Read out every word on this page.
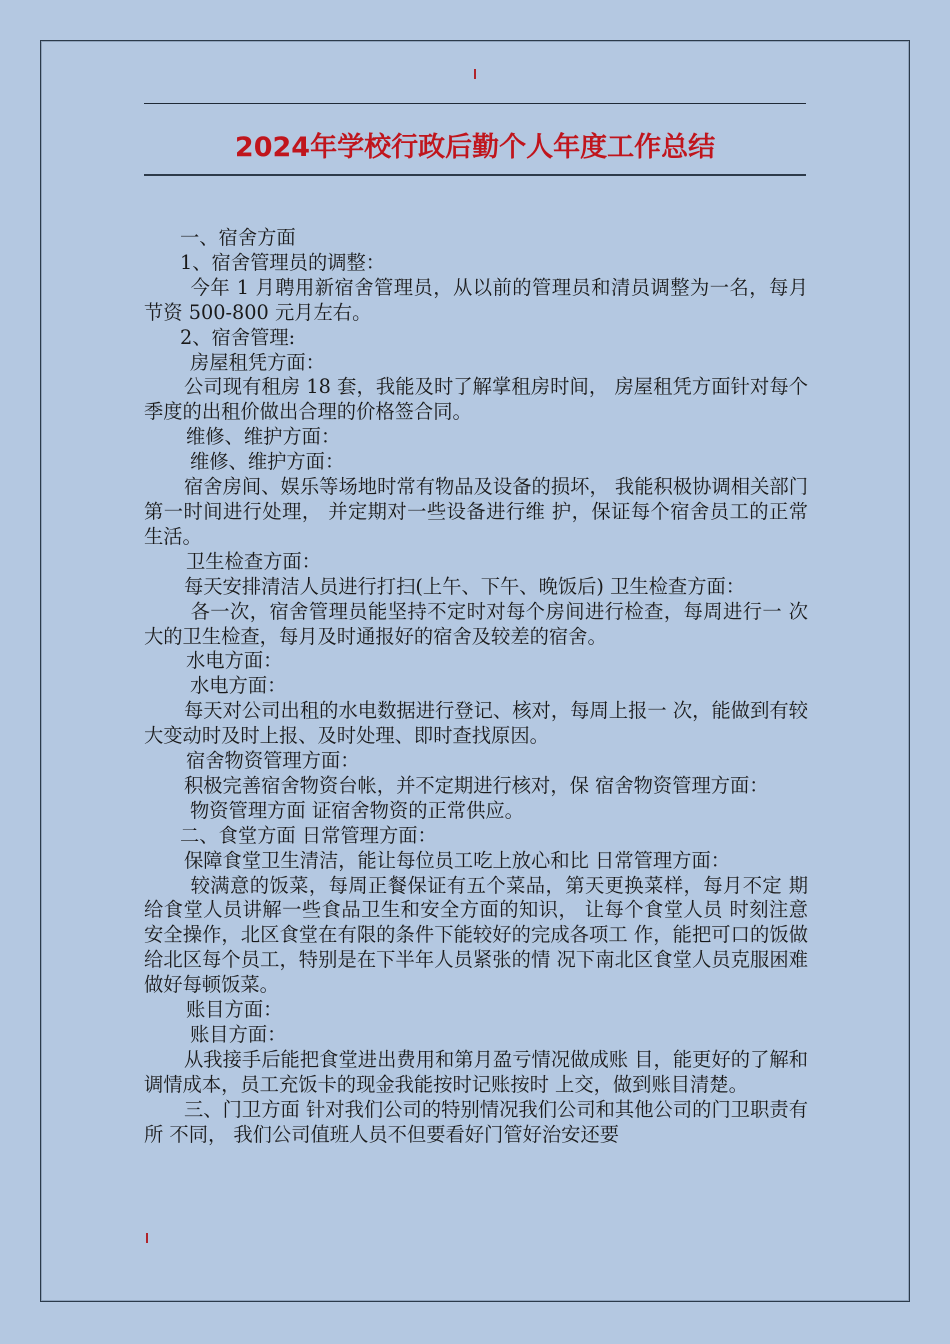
2024年学校行政后勤个人年度工作总结

一、宿舍方面

1、宿舍管理员的调整：

今年 1 月聘用新宿舍管理员，从以前的管理员和清员调整为一名，每月节资 500-800 元月左右。

2、宿舍管理:

房屋租凭方面：

公司现有租房 18 套，我能及时了解掌租房时间， 房屋租凭方面针对每个季度的出租价做出合理的价格签合同。

维修、维护方面：

维修、维护方面：

宿舍房间、娱乐等场地时常有物品及设备的损坏， 我能积极协调相关部门第一时间进行处理， 并定期对一些设备进行维 护，保证每个宿舍员工的正常生活。

卫生检查方面：

每天安排清洁人员进行打扫(上午、下午、晚饭后) 卫生检查方面：

各一次，宿舍管理员能坚持不定时对每个房间进行检查，每周进行一 次大的卫生检查，每月及时通报好的宿舍及较差的宿舍。

水电方面：

水电方面：

每天对公司出租的水电数据进行登记、核对，每周上报一 次，能做到有较大变动时及时上报、及时处理、即时查找原因。

宿舍物资管理方面：

积极完善宿舍物资台帐，并不定期进行核对，保 宿舍物资管理方面：

物资管理方面 证宿舍物资的正常供应。

二、食堂方面 日常管理方面：

保障食堂卫生清洁，能让每位员工吃上放心和比 日常管理方面：

较满意的饭菜，每周正餐保证有五个菜品，第天更换菜样，每月不定 期给食堂人员讲解一些食品卫生和安全方面的知识， 让每个食堂人员 时刻注意安全操作，北区食堂在有限的条件下能较好的完成各项工 作，能把可口的饭做给北区每个员工，特别是在下半年人员紧张的情 况下南北区食堂人员克服困难做好每顿饭菜。

账目方面：

账目方面：

从我接手后能把食堂进出费用和第月盈亏情况做成账 目，能更好的了解和调情成本，员工充饭卡的现金我能按时记账按时 上交，做到账目清楚。

三、门卫方面 针对我们公司的特别情况我们公司和其他公司的门卫职责有所 不同， 我们公司值班人员不但要看好门管好治安还要
